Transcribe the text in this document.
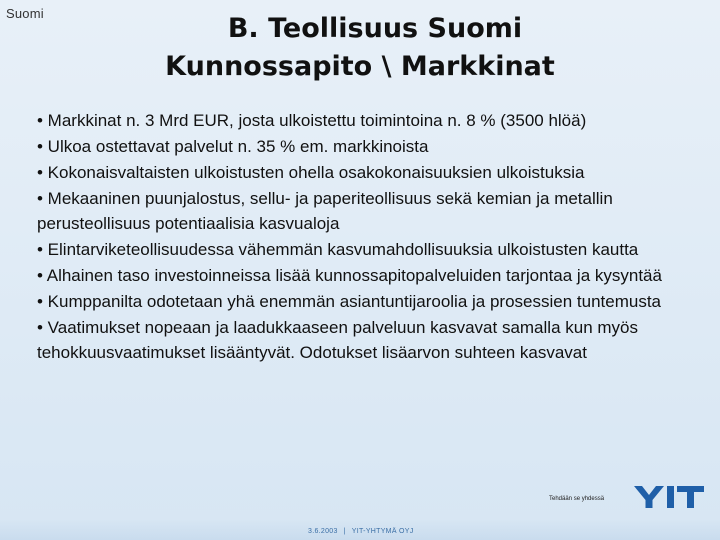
Suomi	B. Teollisuus Suomi
Kunnossapito \ Markkinat
• Markkinat n. 3 Mrd EUR, josta ulkoistettu toimintoina n. 8 % (3500 hlöä)
• Ulkoa ostettavat palvelut n. 35 % em. markkinoista
• Kokonaisvaltaisten ulkoistusten ohella osakokonaisuuksien ulkoistuksia
• Mekaaninen puunjalostus, sellu- ja paperiteollisuus sekä kemian ja metallin perusteollisuus potentiaalisia kasvualoja
• Elintarviketeollisuudessa vähemmän kasvumahdollisuuksia ulkoistusten kautta
• Alhainen taso investoinneissa lisää kunnossapitopalveluiden tarjontaa ja kysyntää
• Kumppanilta odotetaan yhä enemmän asiantuntijaroolia ja prosessien tuntemusta
• Vaatimukset nopeaan ja laadukkaaseen palveluun kasvavat samalla kun myös tehokkuusvaatimukset lisääntyvät. Odotukset lisäarvon suhteen kasvavat
Tehdään se yhdessä
3.6.2003 | YIT-YHTYMÄ OYJ
